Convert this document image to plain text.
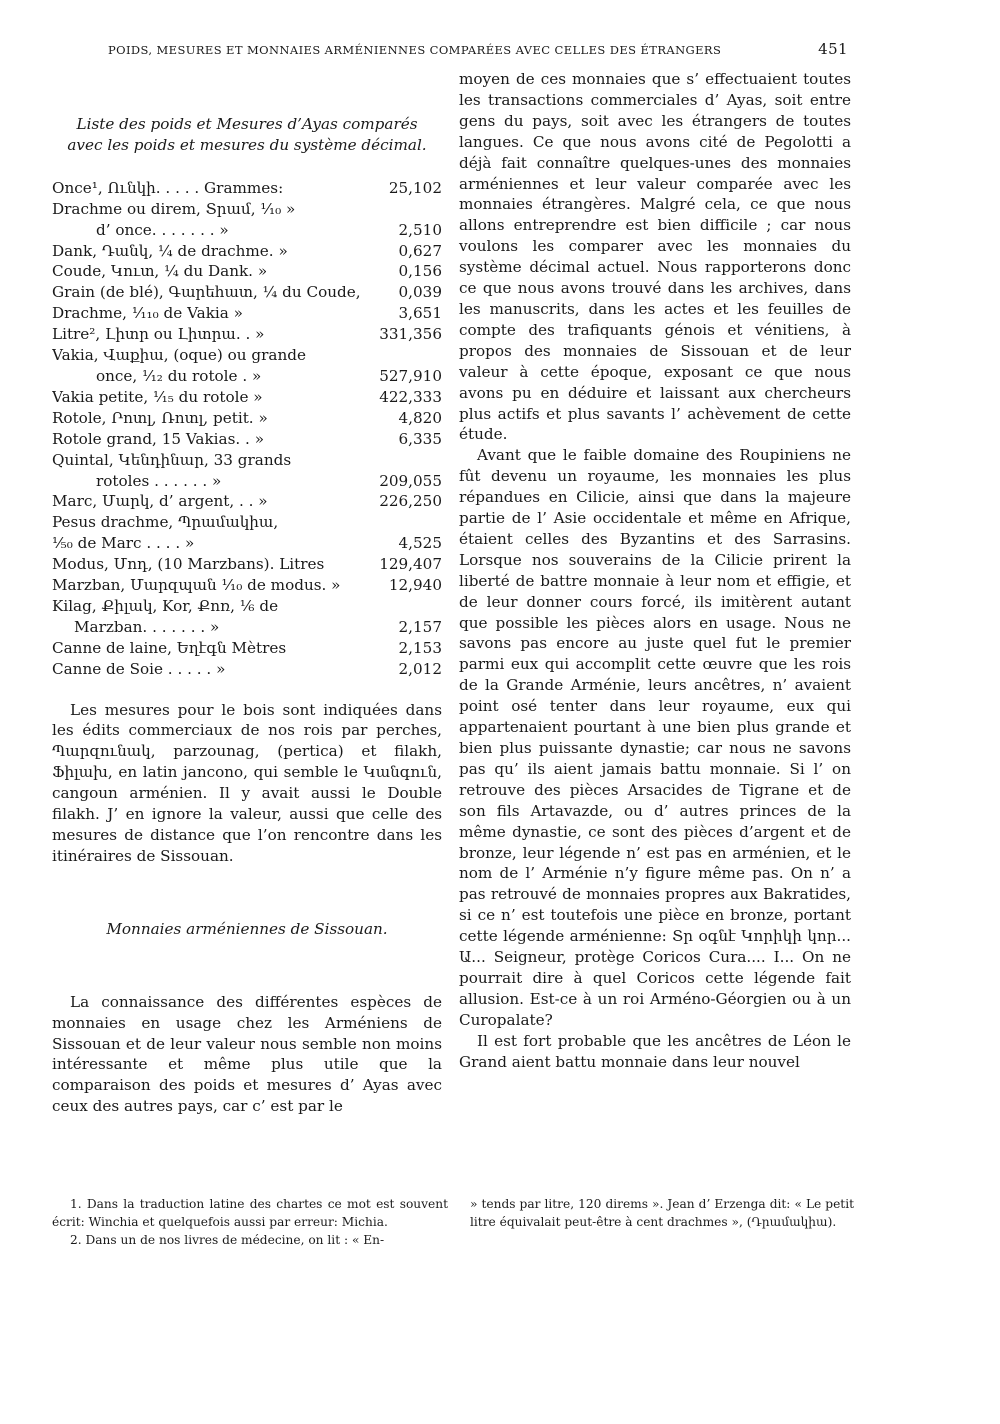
POIDS, MESURES ET MONNAIES ARMÉNIENNES COMPARÉES AVEC CELLES DES ÉTRANGERS	451
Liste des poids et Mesures d’Ayas comparés
avec les poids et mesures du système décimal.
Once¹, Ունկի. . . . . Grammes:	25,102
Drachme ou direm, Տրամ, ¹⁄₁₀ »
d’ once. . . . . . . »	2,510
Dank, Դանկ, ¼ de drachme. »	0,627
Coude, Կուտ, ¼ du Dank. »	0,156
Grain (de blé), Գարեհատ, ¼ du Coude,	0,039
Drachme, ¹⁄₁₁₀ de Vakia »	3,651
Litre², Լիտր ou Լիտրա. . »	331,356
Vakia, Վաքիա, (oque) ou grande
once, ¹⁄₁₂ du rotole . »	527,910
Vakia petite, ¹⁄₁₅ du rotole »	422,333
Rotole, Րոտլ, Ռոտլ, petit. »	4,820
Rotole grand, 15 Vakias. . »	6,335
Quintal, Կենդինար, 33 grands
rotoles . . . . . . »	209,055
Marc, Մարկ, d’ argent, . . »	226,250
Pesus drachme, Պրամակիա,
¹⁄₅₀ de Marc . . . . »	4,525
Modus, Մոդ, (10 Marzbans). Litres	129,407
Marzban, Մարզպան ¹⁄₁₀ de modus. »	12,940
Kilag, Քիլակ, Kor, Քոռ, ⅙ de
Marzban. . . . . . . »	2,157
Canne de laine, Եղէգն Mètres	2,153
Canne de Soie . . . . . »	2,012

Les mesures pour le bois sont indiquées dans les édits commerciaux de nos rois par perches, Պարզունակ, parzounag, (pertica) et filakh, Ֆիլախ, en latin jancono, qui semble le Կանգուն, cangoun arménien. Il y avait aussi le Double filakh. J’ en ignore la valeur, aussi que celle des mesures de distance que l’on rencontre dans les itinéraires de Sissouan.

Monnaies arméniennes de Sissouan.

La connaissance des différentes espèces de monnaies en usage chez les Arméniens de Sissouan et de leur valeur nous semble non moins intéressante et même plus utile que la comparaison des poids et mesures d’ Ayas avec ceux des autres pays, car c’ est par le

moyen de ces monnaies que s’ effectuaient toutes les transactions commerciales d’ Ayas, soit entre gens du pays, soit avec les étrangers de toutes langues. Ce que nous avons cité de Pegolotti a déjà fait connaître quelques-unes des monnaies arméniennes et leur valeur comparée avec les monnaies étrangères. Malgré cela, ce que nous allons entreprendre est bien difficile ; car nous voulons les comparer avec les monnaies du système décimal actuel. Nous rapporterons donc ce que nous avons trouvé dans les archives, dans les manuscrits, dans les actes et les feuilles de compte des trafiquants génois et vénitiens, à propos des monnaies de Sissouan et de leur valeur à cette époque, exposant ce que nous avons pu en déduire et laissant aux chercheurs plus actifs et plus savants l’ achèvement de cette étude.

Avant que le faible domaine des Roupiniens ne fût devenu un royaume, les monnaies les plus répandues en Cilicie, ainsi que dans la majeure partie de l’ Asie occidentale et même en Afrique, étaient celles des Byzantins et des Sarrasins. Lorsque nos souverains de la Cilicie prirent la liberté de battre monnaie à leur nom et effigie, et de leur donner cours forcé, ils imitèrent autant que possible les pièces alors en usage. Nous ne savons pas encore au juste quel fut le premier parmi eux qui accomplit cette œuvre que les rois de la Grande Arménie, leurs ancêtres, n’ avaient point osé tenter dans leur royaume, eux qui appartenaient pourtant à une bien plus grande et bien plus puissante dynastie; car nous ne savons pas qu’ ils aient jamais battu monnaie. Si l’ on retrouve des pièces Arsacides de Tigrane et de son fils Artavazde, ou d’ autres princes de la même dynastie, ce sont des pièces d’argent et de bronze, leur légende n’ est pas en arménien, et le nom de l’ Arménie n’y figure même pas. On n’ a pas retrouvé de monnaies propres aux Bakratides, si ce n’ est toutefois une pièce en bronze, portant cette légende arménienne: Տր օգնէ Կորիկի կոր... Ա... Seigneur, protège Coricos Cura.... I... On ne pourrait dire à quel Coricos cette légende fait allusion. Est-ce à un roi Arméno-Géorgien ou à un Curopalate?

Il est fort probable que les ancêtres de Léon le Grand aient battu monnaie dans leur nouvel

1. Dans la traduction latine des chartes ce mot est souvent écrit: Winchia et quelquefois aussi par erreur: Michia.

2. Dans un de nos livres de médecine, on lit : « En-

» tends par litre, 120 direms ». Jean d’ Erzenga dit: « Le petit litre équivalait peut-être à cent drachmes », (Դրամակիա).
